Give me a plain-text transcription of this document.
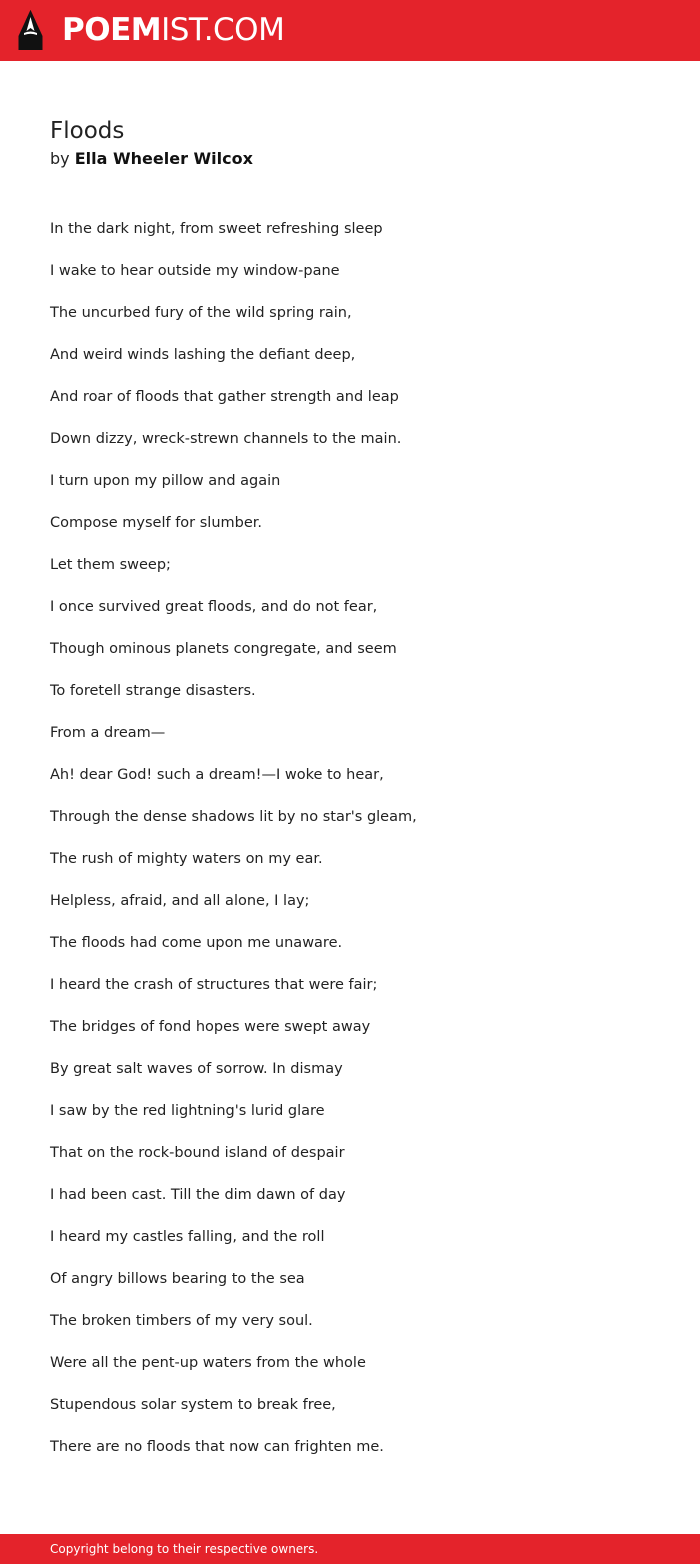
POEMIST.COM
Floods
by Ella Wheeler Wilcox
In the dark night, from sweet refreshing sleep
I wake to hear outside my window-pane
The uncurbed fury of the wild spring rain,
And weird winds lashing the defiant deep,
And roar of floods that gather strength and leap
Down dizzy, wreck-strewn channels to the main.
I turn upon my pillow and again
Compose myself for slumber.
Let them sweep;
I once survived great floods, and do not fear,
Though ominous planets congregate, and seem
To foretell strange disasters.
From a dream—
Ah! dear God! such a dream!—I woke to hear,
Through the dense shadows lit by no star's gleam,
The rush of mighty waters on my ear.
Helpless, afraid, and all alone, I lay;
The floods had come upon me unaware.
I heard the crash of structures that were fair;
The bridges of fond hopes were swept away
By great salt waves of sorrow. In dismay
I saw by the red lightning's lurid glare
That on the rock-bound island of despair
I had been cast. Till the dim dawn of day
I heard my castles falling, and the roll
Of angry billows bearing to the sea
The broken timbers of my very soul.
Were all the pent-up waters from the whole
Stupendous solar system to break free,
There are no floods that now can frighten me.
Copyright belong to their respective owners.
